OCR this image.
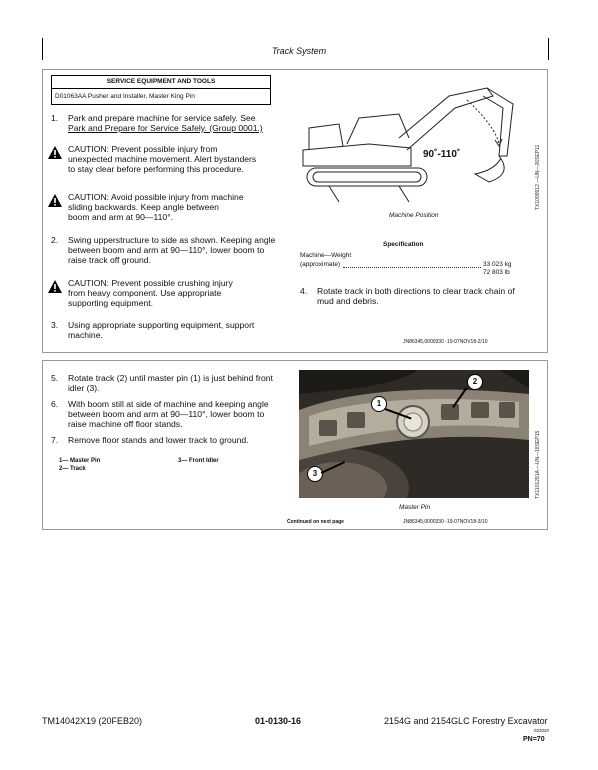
Track System
SERVICE EQUIPMENT AND TOOLS
D01063AA Pusher and Installer, Master King Pin
1. Park and prepare machine for service safely. See
Park and Prepare for Service Safely. (Group 0001.)
CAUTION: Prevent possible injury from
unexpected machine movement. Alert bystanders
to stay clear before performing this procedure.
CAUTION: Avoid possible injury from machine
sliding backwards. Keep angle between
boom and arm at 90—110°.
2. Swing upperstructure to side as shown. Keeping angle
between boom and arm at 90—110°, lower boom to
raise track off ground.
CAUTION: Prevent possible crushing injury
from heavy component. Use appropriate
supporting equipment.
3. Using appropriate supporting equipment, support
machine.
90˚-110˚
Machine Position
TX1099912 —UN—26SEP11
Specification
Machine—Weight
(approximate)	33 023 kg
72 803 lb
4. Rotate track in both directions to clear track chain of
mud and debris.
JN86345,0000330 -19-07NOV18-2/10
5. Rotate track (2) until master pin (1) is just behind front
idler (3).
6. With boom still at side of machine and keeping angle
between boom and arm at 90—110°, lower boom to
raise machine off floor stands.
7. Remove floor stands and lower track to ground.
1— Master Pin
2— Track
3— Front Idler
1
2
3
Master Pin
TX1101291A —UN—18SEP15
Continued on next page	JN86345,0000330 -19-07NOV18-3/10
TM14042X19 (20FEB20)	01-0130-16	2154G and 2154GLC Forestry Excavator
022020
PN=70
